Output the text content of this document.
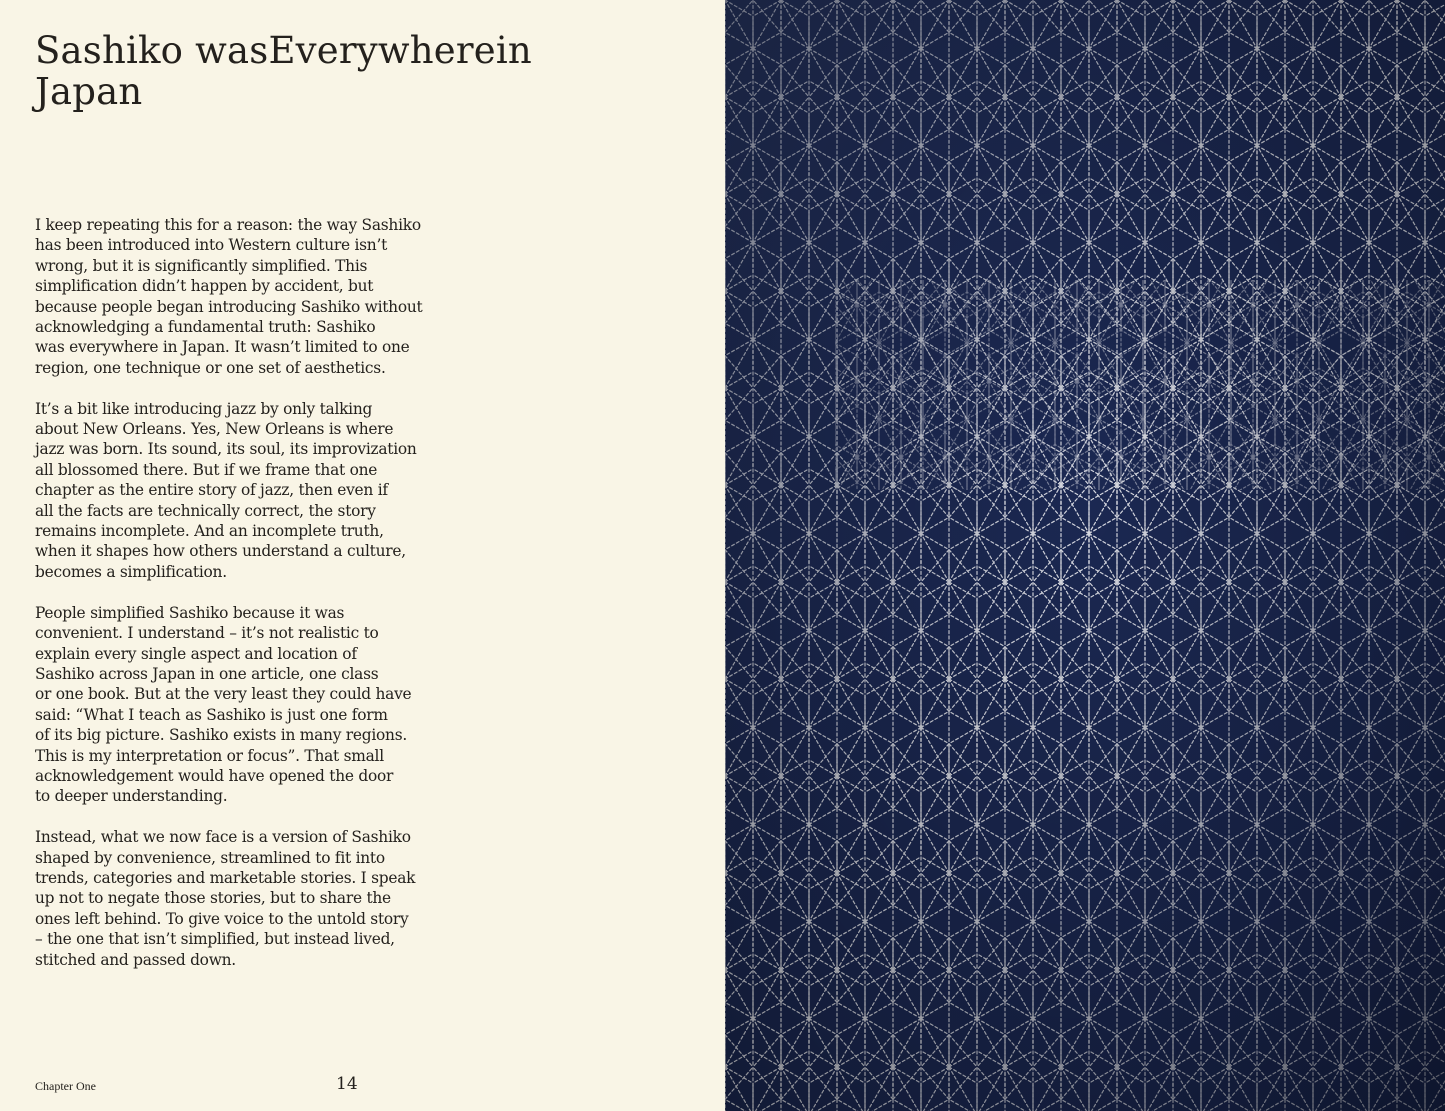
Sashiko wasEverywherein Japan

I keep repeating this for a reason: the way Sashiko
has been introduced into Western culture isn’t
wrong, but it is significantly simplified. This
simplification didn’t happen by accident, but
because people began introducing Sashiko without
acknowledging a fundamental truth: Sashiko
was everywhere in Japan. It wasn’t limited to one
region, one technique or one set of aesthetics.

It’s a bit like introducing jazz by only talking
about New Orleans. Yes, New Orleans is where
jazz was born. Its sound, its soul, its improvization
all blossomed there. But if we frame that one
chapter as the entire story of jazz, then even if
all the facts are technically correct, the story
remains incomplete. And an incomplete truth,
when it shapes how others understand a culture,
becomes a simplification.

People simplified Sashiko because it was
convenient. I understand – it’s not realistic to
explain every single aspect and location of
Sashiko across Japan in one article, one class
or one book. But at the very least they could have
said: “What I teach as Sashiko is just one form
of its big picture. Sashiko exists in many regions.
This is my interpretation or focus”. That small
acknowledgement would have opened the door
to deeper understanding.

Instead, what we now face is a version of Sashiko
shaped by convenience, streamlined to fit into
trends, categories and marketable stories. I speak
up not to negate those stories, but to share the
ones left behind. To give voice to the untold story
– the one that isn’t simplified, but instead lived,
stitched and passed down.

Chapter One	14
